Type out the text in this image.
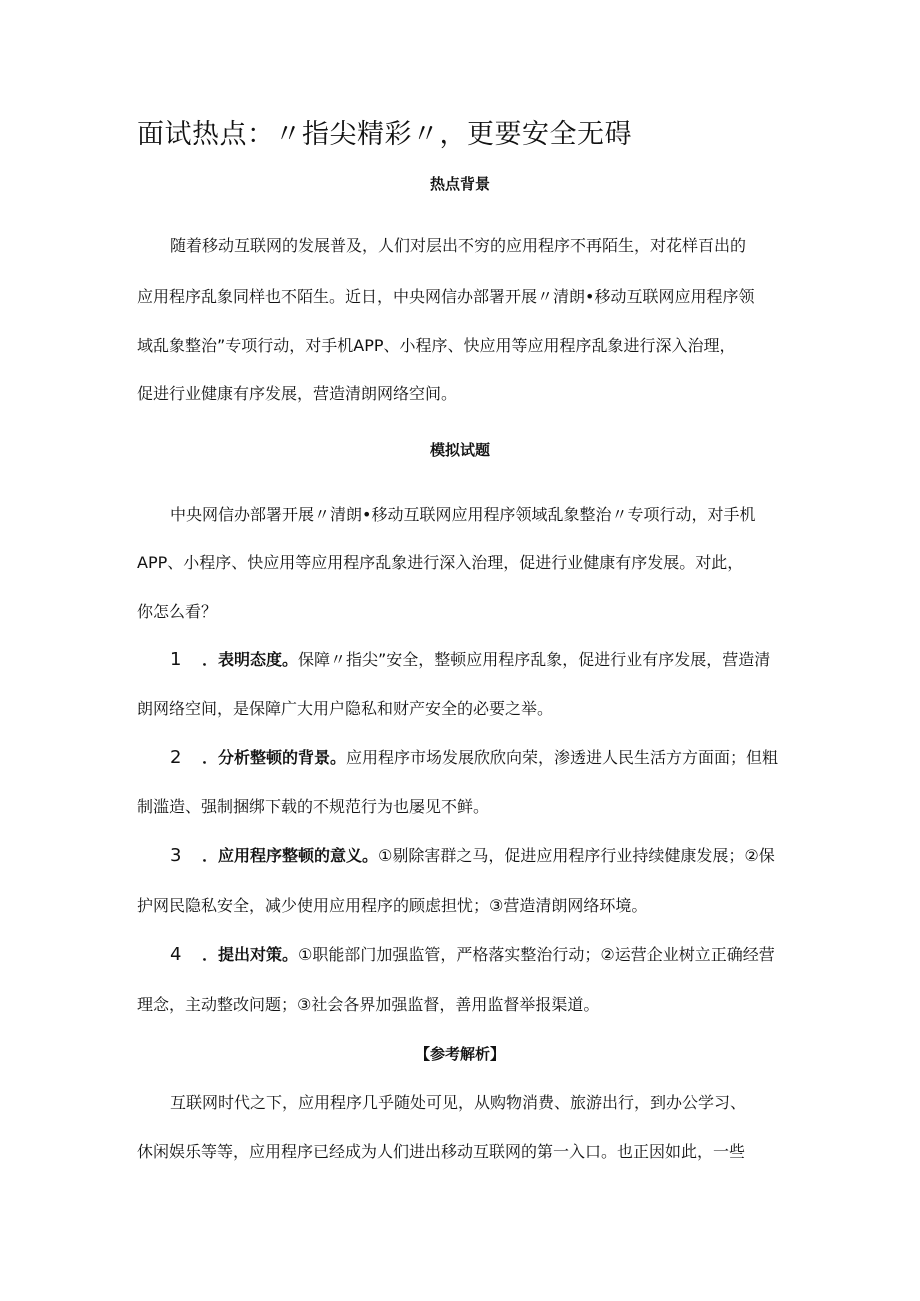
面试热点：〃指尖精彩〃，更要安全无碍
热点背景
随着移动互联网的发展普及，人们对层出不穷的应用程序不再陌生，对花样百出的
应用程序乱象同样也不陌生。近日，中央网信办部署开展〃清朗•移动互联网应用程序领
域乱象整治”专项行动，对手机APP、小程序、快应用等应用程序乱象进行深入治理，
促进行业健康有序发展，营造清朗网络空间。
模拟试题
中央网信办部署开展〃清朗•移动互联网应用程序领域乱象整治〃专项行动，对手机
APP、小程序、快应用等应用程序乱象进行深入治理，促进行业健康有序发展。对此，
你怎么看？
1 ．表明态度。保障〃指尖”安全，整顿应用程序乱象，促进行业有序发展，营造清
朗网络空间，是保障广大用户隐私和财产安全的必要之举。
2 ．分析整顿的背景。应用程序市场发展欣欣向荣，渗透进人民生活方方面面；但粗
制滥造、强制捆绑下载的不规范行为也屡见不鲜。
3 ．应用程序整顿的意义。①剔除害群之马，促进应用程序行业持续健康发展；②保
护网民隐私安全，减少使用应用程序的顾虑担忧；③营造清朗网络环境。
4 ．提出对策。①职能部门加强监管，严格落实整治行动；②运营企业树立正确经营
理念，主动整改问题；③社会各界加强监督，善用监督举报渠道。
【参考解析】
互联网时代之下，应用程序几乎随处可见，从购物消费、旅游出行，到办公学习、
休闲娱乐等等，应用程序已经成为人们进出移动互联网的第一入口。也正因如此，一些
